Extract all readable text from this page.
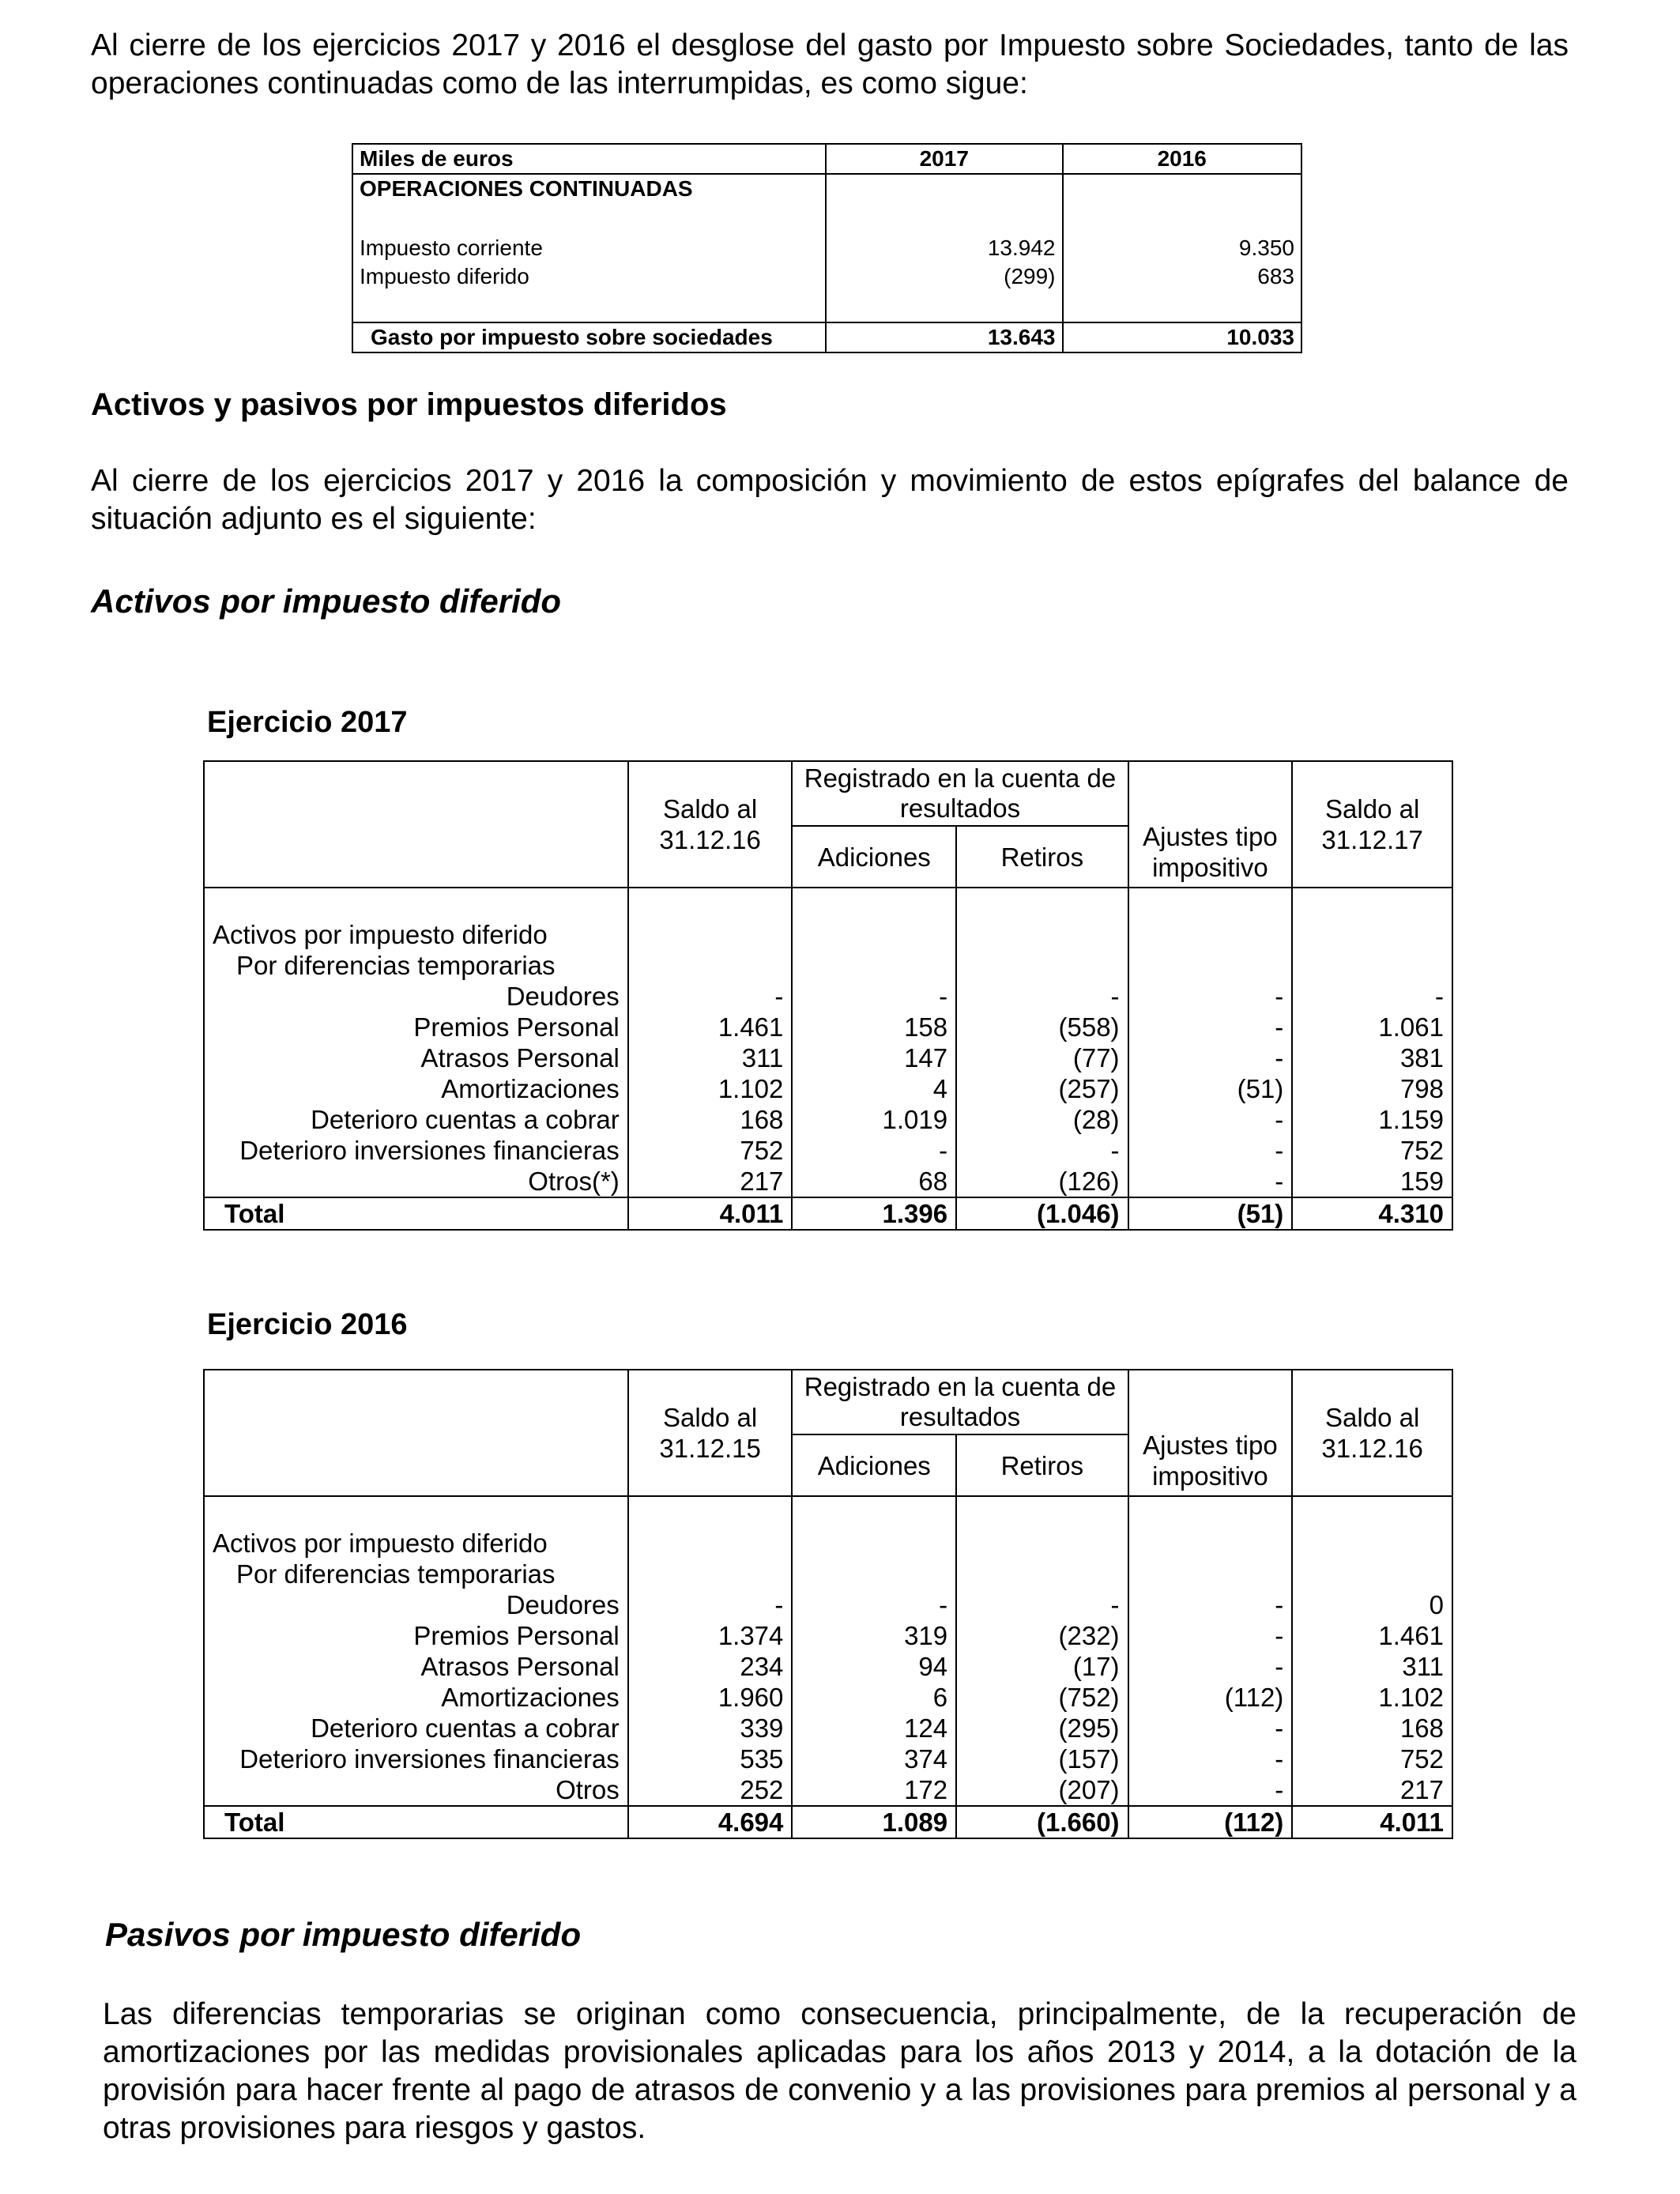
Al cierre de los ejercicios 2017 y 2016 el desglose del gasto por Impuesto sobre Sociedades, tanto de las operaciones continuadas como de las interrumpidas, es como sigue:
Miles de euros	2017	2016
OPERACIONES CONTINUADAS		

Impuesto corriente	13.942	9.350
Impuesto diferido	(299)	683

Gasto por impuesto sobre sociedades	13.643	10.033
Activos y pasivos por impuestos diferidos
Al cierre de los ejercicios 2017 y 2016 la composición y movimiento de estos epígrafes del balance de situación adjunto es el siguiente:
Activos por impuesto diferido
Ejercicio 2017
	Saldo al 31.12.16	Registrado en la cuenta de resultados		Ajustes tipo impositivo	Saldo al 31.12.17
		Adiciones	Retiros		

Activos por impuesto diferido					
Por diferencias temporarias					
Deudores	-	-	-	-	-
Premios Personal	1.461	158	(558)	-	1.061
Atrasos Personal	311	147	(77)	-	381
Amortizaciones	1.102	4	(257)	(51)	798
Deterioro cuentas a cobrar	168	1.019	(28)	-	1.159
Deterioro inversiones financieras	752	-	-	-	752
Otros(*)	217	68	(126)	-	159
Total	4.011	1.396	(1.046)	(51)	4.310
Ejercicio 2016
	Saldo al 31.12.15	Registrado en la cuenta de resultados		Ajustes tipo impositivo	Saldo al 31.12.16
		Adiciones	Retiros		

Activos por impuesto diferido					
Por diferencias temporarias					
Deudores	-	-	-	-	0
Premios Personal	1.374	319	(232)	-	1.461
Atrasos Personal	234	94	(17)	-	311
Amortizaciones	1.960	6	(752)	(112)	1.102
Deterioro cuentas a cobrar	339	124	(295)	-	168
Deterioro inversiones financieras	535	374	(157)	-	752
Otros	252	172	(207)	-	217
Total	4.694	1.089	(1.660)	(112)	4.011
Pasivos por impuesto diferido
Las diferencias temporarias se originan como consecuencia, principalmente, de la recuperación de amortizaciones por las medidas provisionales aplicadas para los años 2013 y 2014, a la dotación de la provisión para hacer frente al pago de atrasos de convenio y a las provisiones para premios al personal y a otras provisiones para riesgos y gastos.
